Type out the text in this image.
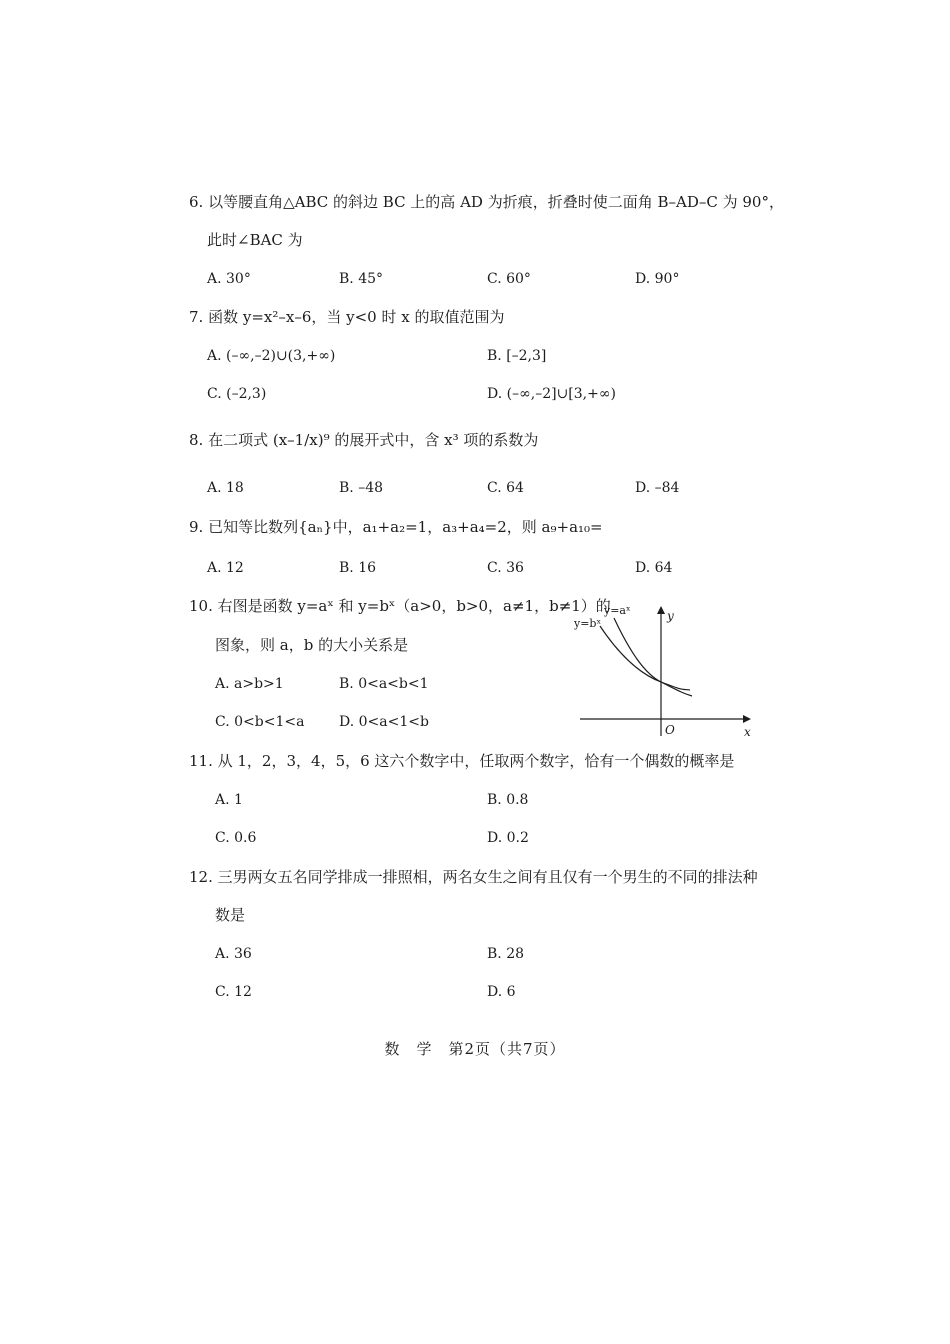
6. 以等腰直角△ABC 的斜边 BC 上的高 AD 为折痕，折叠时使二面角 B–AD–C 为 90°，
此时∠BAC 为
A. 30°	B. 45°	C. 60°	D. 90°
7. 函数 y=x²–x–6，当 y<0 时 x 的取值范围为
A. (–∞,–2)∪(3,+∞)	B. [–2,3]
C. (–2,3)	D. (–∞,–2]∪[3,+∞)
8. 在二项式 (x–1/x)⁹ 的展开式中，含 x³ 项的系数为
A. 18	B. –48	C. 64	D. –84
9. 已知等比数列{aₙ}中，a₁+a₂=1，a₃+a₄=2，则 a₉+a₁₀=
A. 12	B. 16	C. 36	D. 64
10. 右图是函数 y=aˣ 和 y=bˣ（a>0，b>0，a≠1，b≠1）的
图象，则 a，b 的大小关系是
A. a>b>1	B. 0<a<b<1
C. 0<b<1<a D. 0<a<1<b
y=bˣ
y=aˣ	y
x
O
11. 从 1，2，3，4，5，6 这六个数字中，任取两个数字，恰有一个偶数的概率是
A. 1	B. 0.8
C. 0.6	D. 0.2
12. 三男两女五名同学排成一排照相，两名女生之间有且仅有一个男生的不同的排法种
数是
A. 36	B. 28
C. 12	D. 6
数　学　第2页（共7页）
